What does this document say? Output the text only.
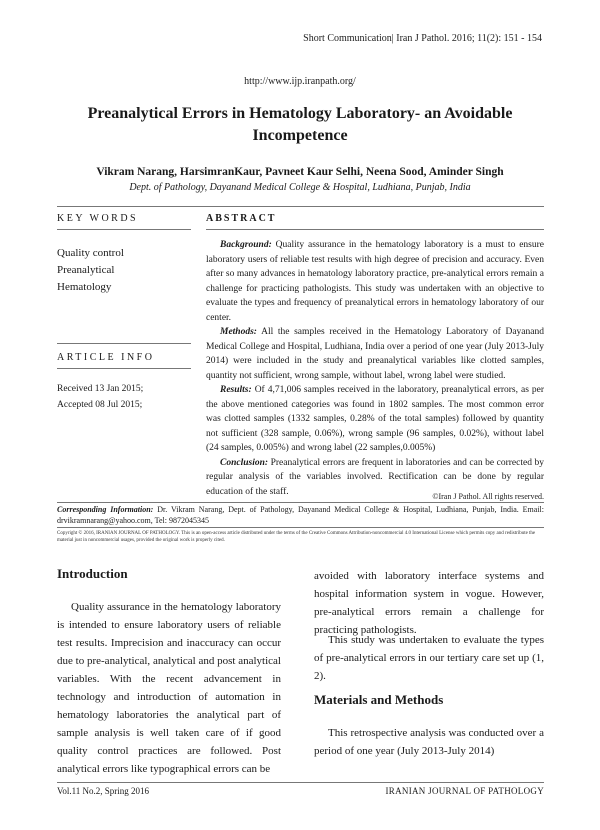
Short Communication| Iran J Pathol. 2016; 11(2): 151 - 154
http://www.ijp.iranpath.org/
Preanalytical Errors in Hematology Laboratory- an Avoidable Incompetence
Vikram Narang, HarsimranKaur, Pavneet Kaur Selhi, Neena Sood, Aminder Singh
Dept. of Pathology, Dayanand Medical College & Hospital, Ludhiana, Punjab, India
KEY WORDS	ABSTRACT
Quality control
Preanalytical
Hematology
ARTICLE INFO
Received 13 Jan 2015;
Accepted 08 Jul 2015;

Background: Quality assurance in the hematology laboratory is a must to ensure laboratory users of reliable test results with high degree of precision and accuracy. Even after so many advances in hematology laboratory practice, pre-analytical errors remain a challenge for practicing pathologists. This study was undertaken with an objective to evaluate the types and frequency of preanalytical errors in hematology laboratory of our center.

Methods: All the samples received in the Hematology Laboratory of Dayanand Medical College and Hospital, Ludhiana, India over a period of one year (July 2013-July 2014) were included in the study and preanalytical variables like clotted samples, quantity not sufficient, wrong sample, without label, wrong label were studied.

Results: Of 4,71,006 samples received in the laboratory, preanalytical errors, as per the above mentioned categories was found in 1802 samples. The most common error was clotted samples (1332 samples, 0.28% of the total samples) followed by quantity not sufficient (328 sample, 0.06%), wrong sample (96 samples, 0.02%), without label (24 samples, 0.005%) and wrong label (22 samples,0.005%)

Conclusion: Preanalytical errors are frequent in laboratories and can be corrected by regular analysis of the variables involved. Rectification can be done by regular education of the staff.	©Iran J Pathol. All rights reserved.
Corresponding Information: Dr. Vikram Narang, Dept. of Pathology, Dayanand Medical College & Hospital, Ludhiana, Punjab, India. Email: drvikramnarang@yahoo.com, Tel: 9872045345
Copyright © 2016, IRANIAN JOURNAL OF PATHOLOGY. This is an open-access article distributed under the terms of the Creative Commons Attribution-noncommercial 4.0 International License which permits copy and redistribute the material just in noncommercial usages, provided the original work is properly cited.
Introduction

Quality assurance in the hematology laboratory is intended to ensure laboratory users of reliable test results. Imprecision and inaccuracy can occur due to pre-analytical, analytical and post analytical variables. With the recent advancement in technology and introduction of automation in hematology laboratories the analytical part of sample analysis is well taken care of if good quality control practices are followed. Post analytical errors like typographical errors can be

avoided with laboratory interface systems and hospital information system in vogue. However, pre-analytical errors remain a challenge for practicing pathologists.

This study was undertaken to evaluate the types of pre-analytical errors in our tertiary care set up (1, 2).

Materials and Methods

This retrospective analysis was conducted over a period of one year (July 2013-July 2014)

Vol.11 No.2, Spring 2016	IRANIAN JOURNAL OF PATHOLOGY
